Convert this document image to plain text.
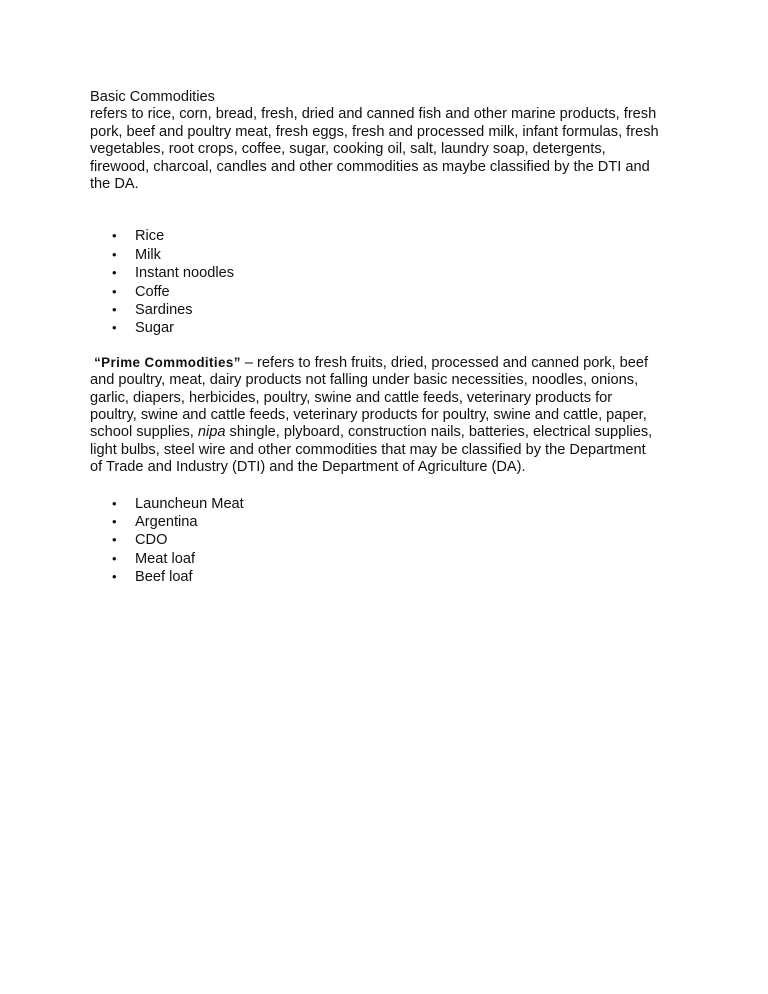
Basic Commodities
refers to rice, corn, bread, fresh, dried and canned fish and other marine products, fresh
pork, beef and poultry meat, fresh eggs, fresh and processed milk, infant formulas, fresh
vegetables, root crops, coffee, sugar, cooking oil, salt, laundry soap, detergents,
firewood, charcoal, candles and other commodities as maybe classified by the DTI and
the DA.
• Rice
• Milk
• Instant noodles
• Coffe
• Sardines
• Sugar
“Prime Commodities” – refers to fresh fruits, dried, processed and canned pork, beef
and poultry, meat, dairy products not falling under basic necessities, noodles, onions,
garlic, diapers, herbicides, poultry, swine and cattle feeds, veterinary products for
poultry, swine and cattle feeds, veterinary products for poultry, swine and cattle, paper,
school supplies, nipa shingle, plyboard, construction nails, batteries, electrical supplies,
light bulbs, steel wire and other commodities that may be classified by the Department
of Trade and Industry (DTI) and the Department of Agriculture (DA).
• Launcheun Meat
• Argentina
• CDO
• Meat loaf
• Beef loaf
